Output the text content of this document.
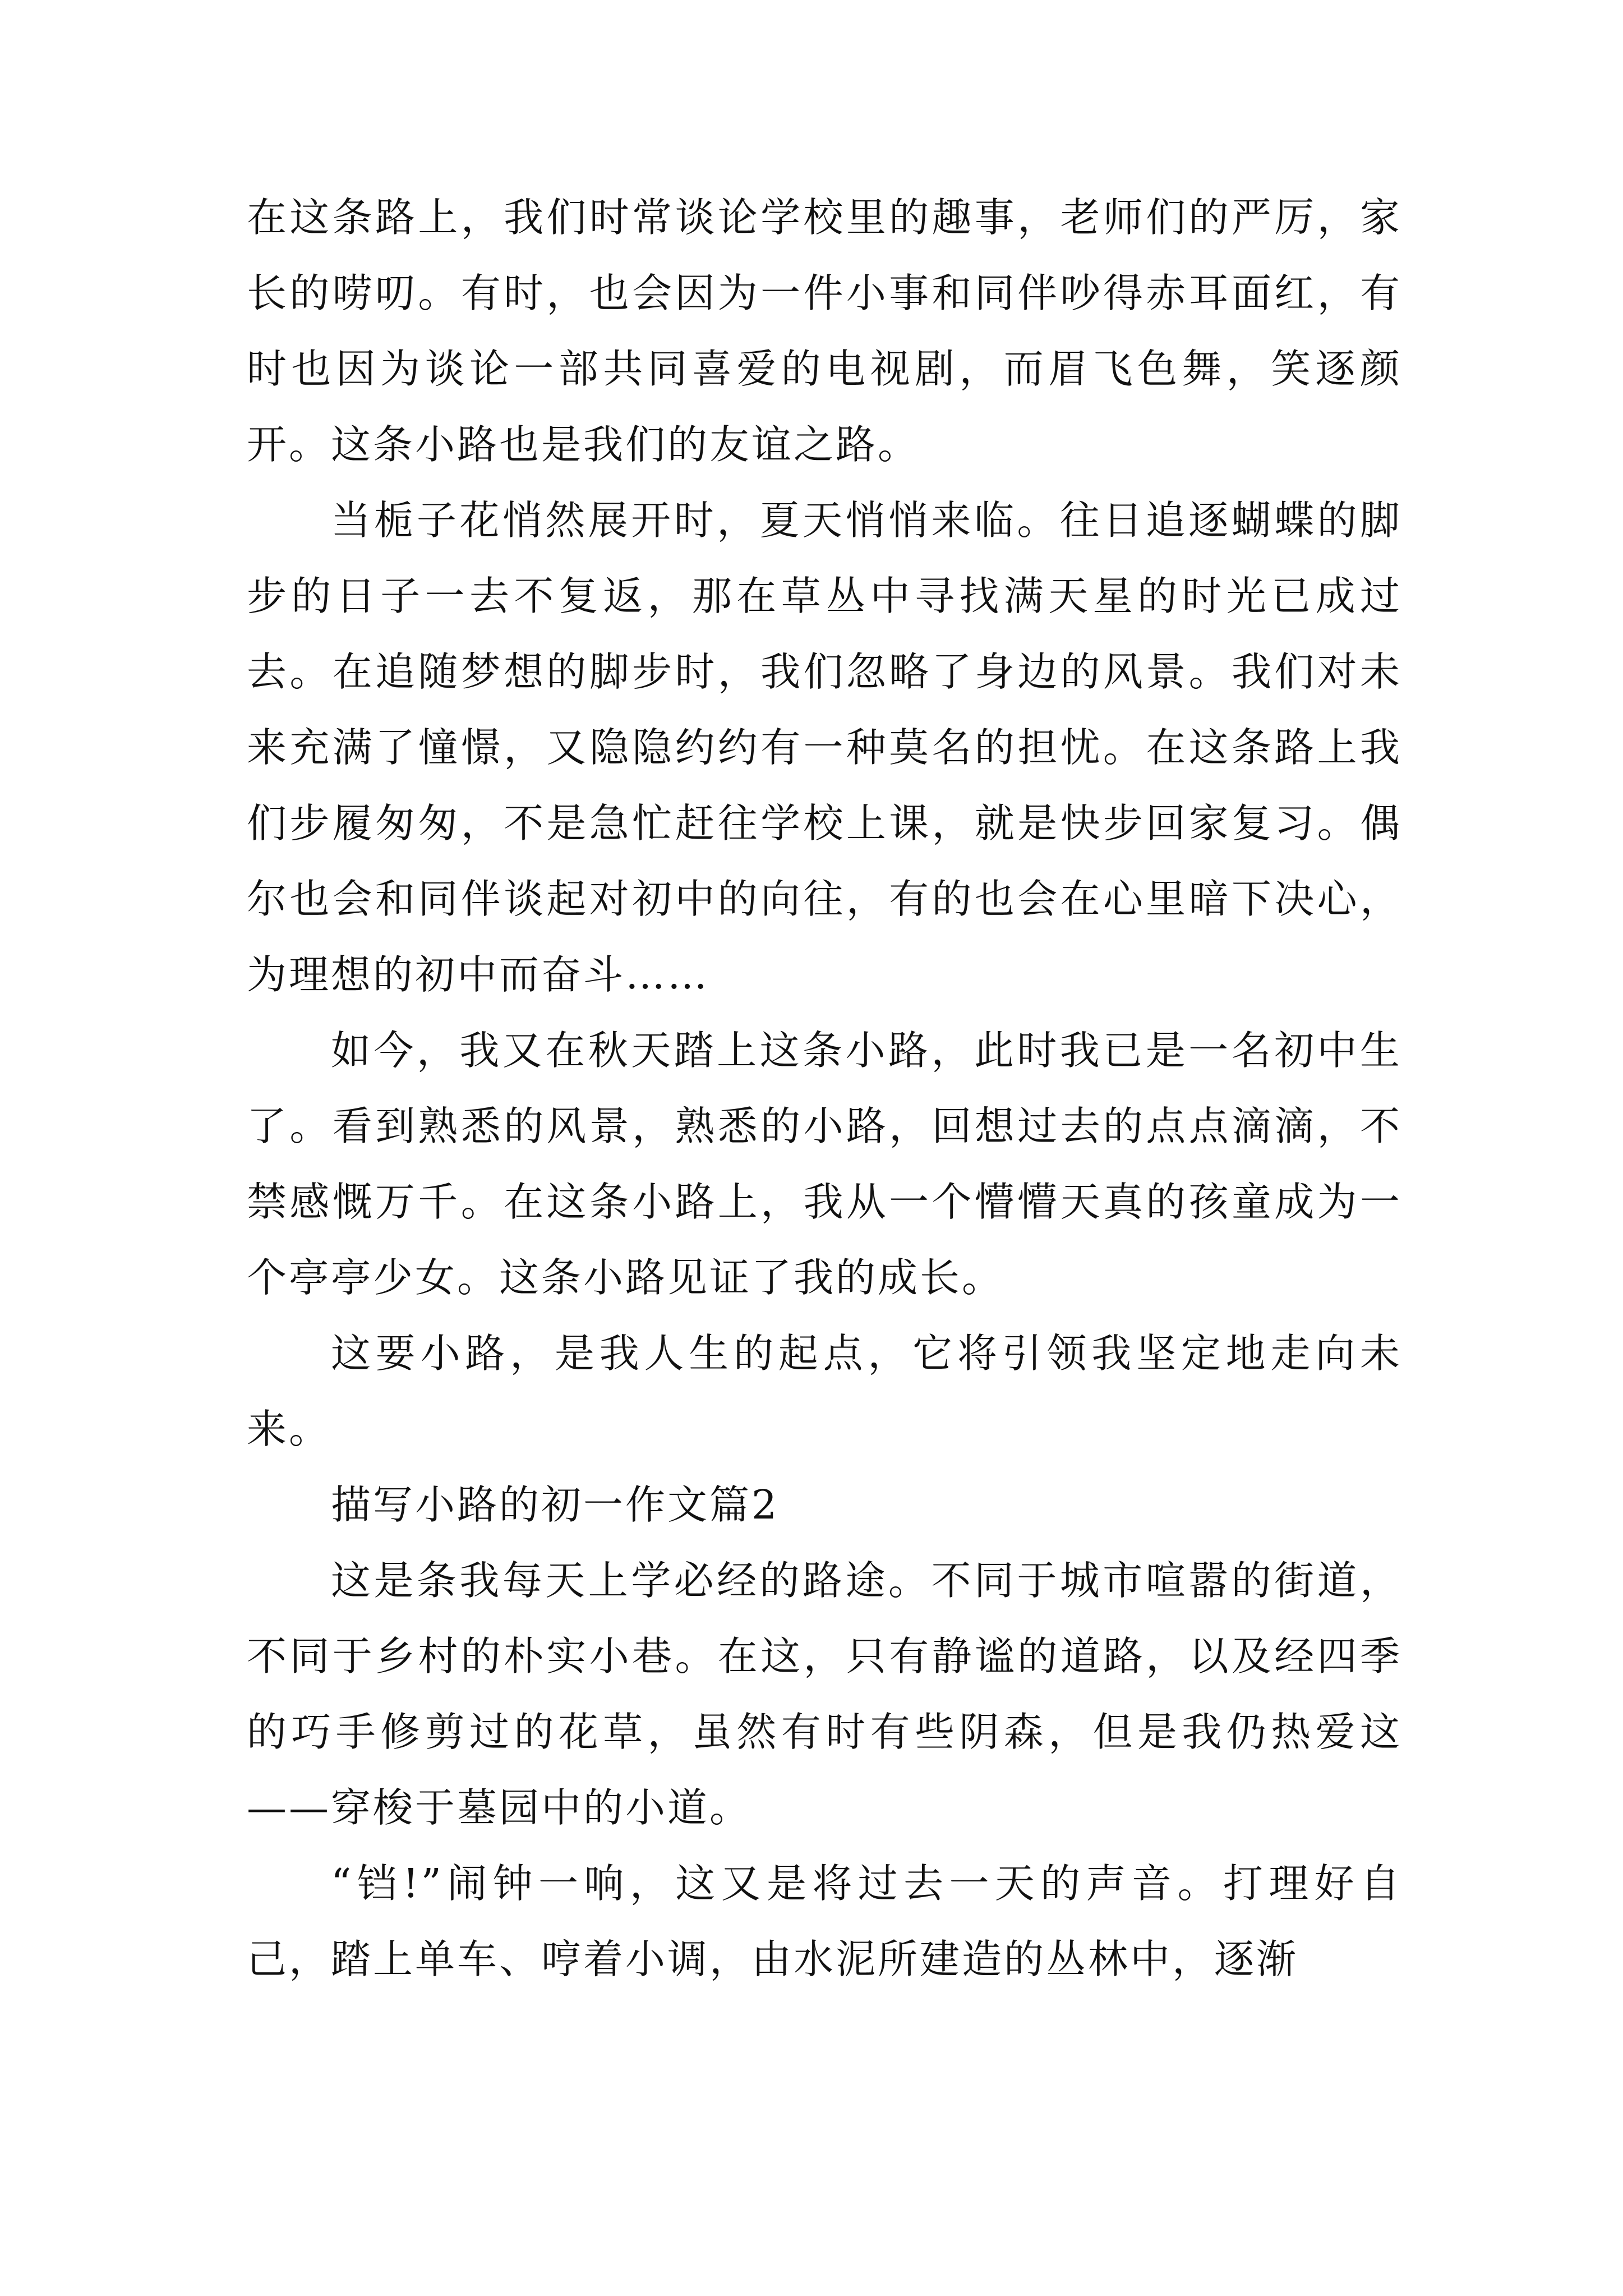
在这条路上，我们时常谈论学校里的趣事，老师们的严厉，家长的唠叨。有时，也会因为一件小事和同伴吵得赤耳面红，有时也因为谈论一部共同喜爱的电视剧，而眉飞色舞，笑逐颜开。这条小路也是我们的友谊之路。

当栀子花悄然展开时，夏天悄悄来临。往日追逐蝴蝶的脚步的日子一去不复返，那在草丛中寻找满天星的时光已成过去。在追随梦想的脚步时，我们忽略了身边的风景。我们对未来充满了憧憬，又隐隐约约有一种莫名的担忧。在这条路上我们步履匆匆，不是急忙赶往学校上课，就是快步回家复习。偶尔也会和同伴谈起对初中的向往，有的也会在心里暗下决心，为理想的初中而奋斗……

如今，我又在秋天踏上这条小路，此时我已是一名初中生了。看到熟悉的风景，熟悉的小路，回想过去的点点滴滴，不禁感慨万千。在这条小路上，我从一个懵懵天真的孩童成为一个亭亭少女。这条小路见证了我的成长。

这要小路，是我人生的起点，它将引领我坚定地走向未来。

描写小路的初一作文篇2

这是条我每天上学必经的路途。不同于城市喧嚣的街道，不同于乡村的朴实小巷。在这，只有静谧的道路，以及经四季的巧手修剪过的花草，虽然有时有些阴森，但是我仍热爱这——穿梭于墓园中的小道。

“铛!”闹钟一响，这又是将过去一天的声音。打理好自己，踏上单车、哼着小调，由水泥所建造的丛林中，逐渐
